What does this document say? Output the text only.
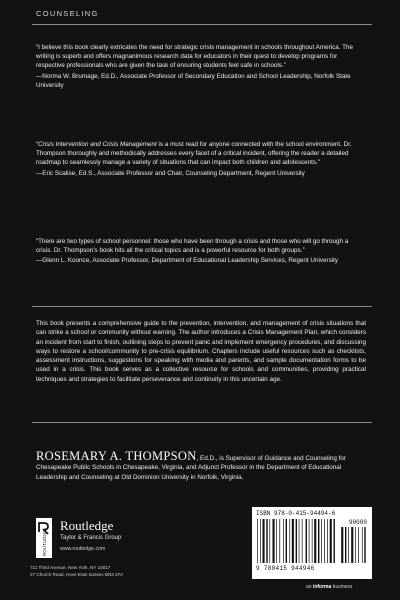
COUNSELING

“I believe this book clearly extricates the need for strategic crisis management in schools throughout America. The writing is superb and offers magnanimous research data for educators in their quest to develop programs for respective professionals who are given the task of ensuring students feel safe in schools.”

—Norma W. Brumage, Ed.D., Associate Professor of Secondary Education and School Leadership, Norfolk State University

“Crisis Intervention and Crisis Management is a must read for anyone connected with the school environment. Dr. Thompson thoroughly and methodically addresses every facet of a critical incident, offering the reader a detailed roadmap to seamlessly manage a variety of situations that can impact both children and adolescents.”

—Eric Scalise, Ed.S., Associate Professor and Chair, Counseling Department, Regent University

“There are two types of school personnel: those who have been through a crisis and those who will go through a crisis. Dr. Thompson’s book hits all the critical topics and is a powerful resource for both groups.”

—Glenn L. Koonce, Associate Professor, Department of Educational Leadership Services, Regent University

This book presents a comprehensive guide to the prevention, intervention, and management of crisis situations that can strike a school or community without warning. The author introduces a Crisis Management Plan, which considers an incident from start to finish, outlining steps to prevent panic and implement emergency procedures, and discussing ways to restore a school/community to pre-crisis equilibrium. Chapters include useful resources such as checklists, assessment instructions, suggestions for speaking with media and parents, and sample documentation forms to be used in a crisis. This book serves as a collective resource for schools and communities, providing practical techniques and strategies to facilitate perseverance and continuity in this uncertain age.
ROSEMARY A. THOMPSON, Ed.D., is Supervisor of Guidance and Counseling for Chesapeake Public Schools in Chesapeake, Virginia, and Adjunct Professor in the Department of Educational Leadership and Counseling at Old Dominion University in Norfolk, Virginia.
ROUTLEDGE
Routledge
Taylor & Francis Group
www.routledge.com
711 Third Avenue, New York, NY 10017
27 Church Road, Hove East Sussex BN3 2FA
ISBN 978-0-415-94494-6
90000
9 780415 944946
an informa business
